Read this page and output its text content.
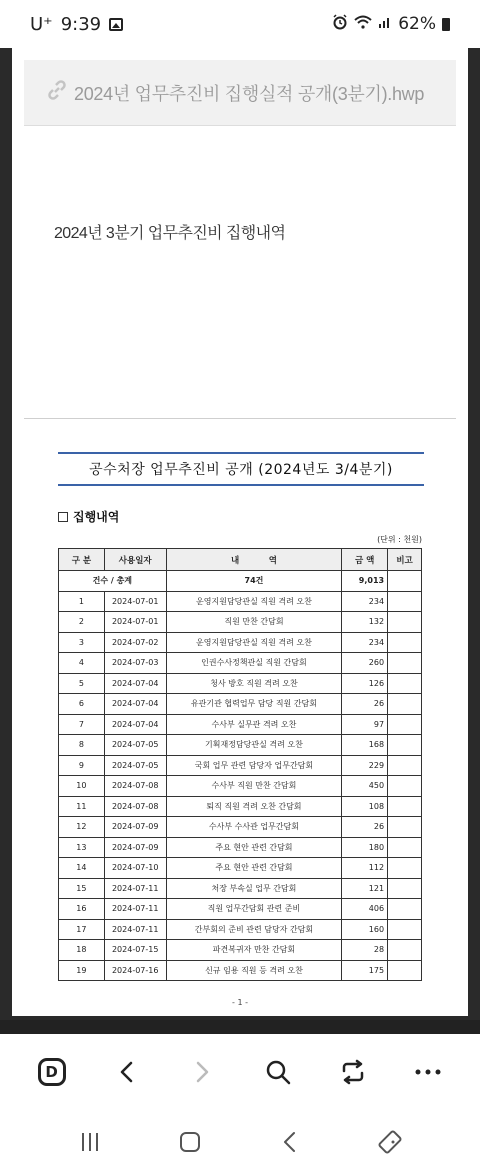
U⁺ 9:39	62%
2024년 업무추진비 집행실적 공개(3분기).hwp
2024년 3분기 업무추진비 집행내역
공수처장 업무추진비 공개 (2024년도 3/4분기)
집행내역
(단위 : 천원)
구 분	사용일자	내          역	금 액	비고
건수 / 총계		74건	9,013	
1	2024-07-01	운영지원담당관실 직원 격려 오찬	234	
2	2024-07-01	직원 만찬 간담회	132	
3	2024-07-02	운영지원담당관실 직원 격려 오찬	234	
4	2024-07-03	인권수사정책관실 직원 간담회	260	
5	2024-07-04	청사 방호 직원 격려 오찬	126	
6	2024-07-04	유관기관 협력업무 담당 직원 간담회	26	
7	2024-07-04	수사부 실무관 격려 오찬	97	
8	2024-07-05	기획재정담당관실 격려 오찬	168	
9	2024-07-05	국회 업무 관련 담당자 업무간담회	229	
10	2024-07-08	수사부 직원 만찬 간담회	450	
11	2024-07-08	퇴직 직원 격려 오찬 간담회	108	
12	2024-07-09	수사부 수사관 업무간담회	26	
13	2024-07-09	주요 현안 관련 간담회	180	
14	2024-07-10	주요 현안 관련 간담회	112	
15	2024-07-11	처장 부속실 업무 간담회	121	
16	2024-07-11	직원 업무간담회 관련 준비	406	
17	2024-07-11	간부회의 준비 관련 담당자 간담회	160	
18	2024-07-15	파견복귀자 만찬 간담회	28	
19	2024-07-16	신규 임용 직원 등 격려 오찬	175	
- 1 -
D
